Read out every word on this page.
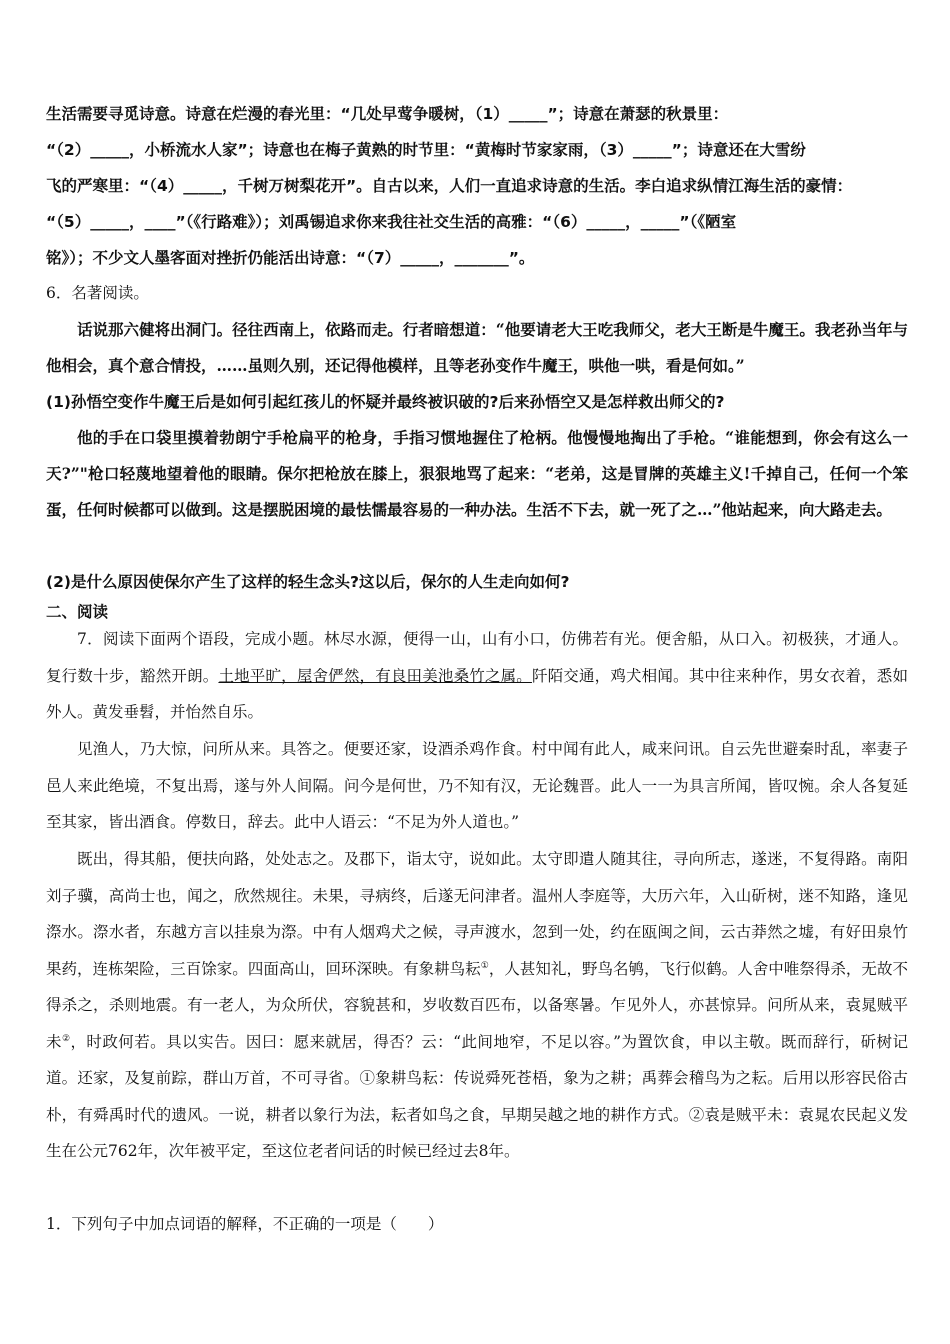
生活需要寻觅诗意。诗意在烂漫的春光里：“几处早莺争暖树，（1）_____”；诗意在萧瑟的秋景里：
“（2）_____，小桥流水人家”；诗意也在梅子黄熟的时节里：“黄梅时节家家雨，（3）_____”；诗意还在大雪纷
飞的严寒里：“（4）_____，千树万树梨花开”。自古以来，人们一直追求诗意的生活。李白追求纵情江海生活的豪情：
“（5）_____，____”（《行路难》）；刘禹锡追求你来我往社交生活的高雅：“（6）_____，_____”（《陋室
铭》）；不少文人墨客面对挫折仍能活出诗意：“（7）_____，_______”。
6．名著阅读。
话说那六健将出洞门。径往西南上，依路而走。行者暗想道：“他要请老大王吃我师父，老大王断是牛魔王。我老孙当年与他相会，真个意合情投，……虽则久别，还记得他模样，且等老孙变作牛魔王，哄他一哄，看是何如。”
(1)孙悟空变作牛魔王后是如何引起红孩儿的怀疑并最终被识破的?后来孙悟空又是怎样救出师父的?
他的手在口袋里摸着勃朗宁手枪扁平的枪身，手指习惯地握住了枪柄。他慢慢地掏出了手枪。“谁能想到，你会有这么一天?”"枪口轻蔑地望着他的眼睛。保尔把枪放在膝上，狠狠地骂了起来：“老弟，这是冒牌的英雄主义!千掉自己，任何一个笨蛋，任何时候都可以做到。这是摆脱困境的最怯懦最容易的一种办法。生活不下去，就一死了之…”他站起来，向大路走去。
(2)是什么原因使保尔产生了这样的轻生念头?这以后，保尔的人生走向如何?
二、阅读
7．阅读下面两个语段，完成小题。林尽水源，便得一山，山有小口，仿佛若有光。便舍船，从口入。初极狭，才通人。复行数十步，豁然开朗。土地平旷，屋舍俨然，有良田美池桑竹之属。阡陌交通，鸡犬相闻。其中往来种作，男女衣着，悉如外人。黄发垂髫，并怡然自乐。
见渔人，乃大惊，问所从来。具答之。便要还家，设酒杀鸡作食。村中闻有此人，咸来问讯。自云先世避秦时乱，率妻子邑人来此绝境，不复出焉，遂与外人间隔。问今是何世，乃不知有汉，无论魏晋。此人一一为具言所闻，皆叹惋。余人各复延至其家，皆出酒食。停数日，辞去。此中人语云：“不足为外人道也。”
既出，得其船，便扶向路，处处志之。及郡下，诣太守，说如此。太守即遣人随其往，寻向所志，遂迷，不复得路。南阳刘子骥，高尚士也，闻之，欣然规往。未果，寻病终，后遂无问津者。温州人李庭等，大历六年，入山斫树，迷不知路，逢见漈水。漈水者，东越方言以挂泉为漈。中有人烟鸡犬之候，寻声渡水，忽到一处，约在瓯闽之间，云古莽然之墟，有好田泉竹果药，连栋架险，三百馀家。四面高山，回环深映。有象耕鸟耘①，人甚知礼，野鸟名鸲，飞行似鹤。人舍中唯祭得杀，无故不得杀之，杀则地震。有一老人，为众所伏，容貌甚和，岁收数百匹布，以备寒暑。乍见外人，亦甚惊异。问所从来，袁晁贼平未②，时政何若。具以实告。因曰：愿来就居，得否？云：“此间地窄，不足以容。”为置饮食，申以主敬。既而辞行，斫树记道。还家，及复前踪，群山万首，不可寻省。①象耕鸟耘：传说舜死苍梧，象为之耕；禹葬会稽鸟为之耘。后用以形容民俗古朴，有舜禹时代的遗风。一说，耕者以象行为法，耘者如鸟之食，早期吴越之地的耕作方式。②袁是贼平未：袁晁农民起义发生在公元762年，次年被平定，至这位老者问话的时候已经过去8年。
1．下列句子中加点词语的解释，不正确的一项是（　　）
